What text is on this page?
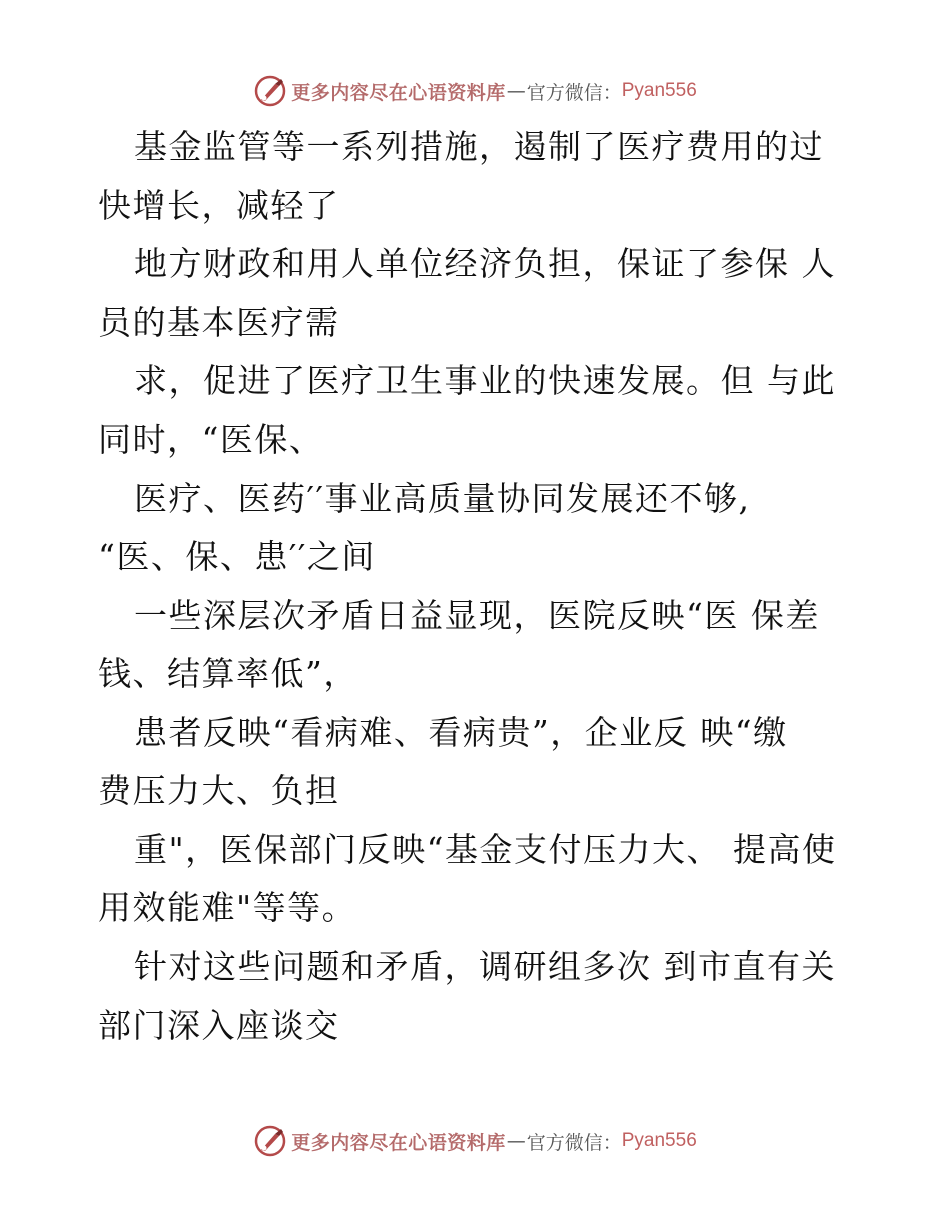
更多内容尽在心语资料库 — 官方微信： Pyan556
基金监管等一系列措施，遏制了医疗费用的过
快增长，减轻了
地方财政和用人单位经济负担，保证了参保 人
员的基本医疗需
求，促进了医疗卫生事业的快速发展。但 与此
同时，“医保、
医疗、医药′′事业高质量协同发展还不够,
“医、保、患′′之间
一些深层次矛盾日益显现，医院反映“医 保差
钱、结算率低”，
患者反映“看病难、看病贵”，企业反 映“缴
费压力大、负担
重"，医保部门反映“基金支付压力大、 提高使
用效能难"等等。
针对这些问题和矛盾，调研组多次 到市直有关
部门深入座谈交
更多内容尽在心语资料库 — 官方微信： Pyan556
